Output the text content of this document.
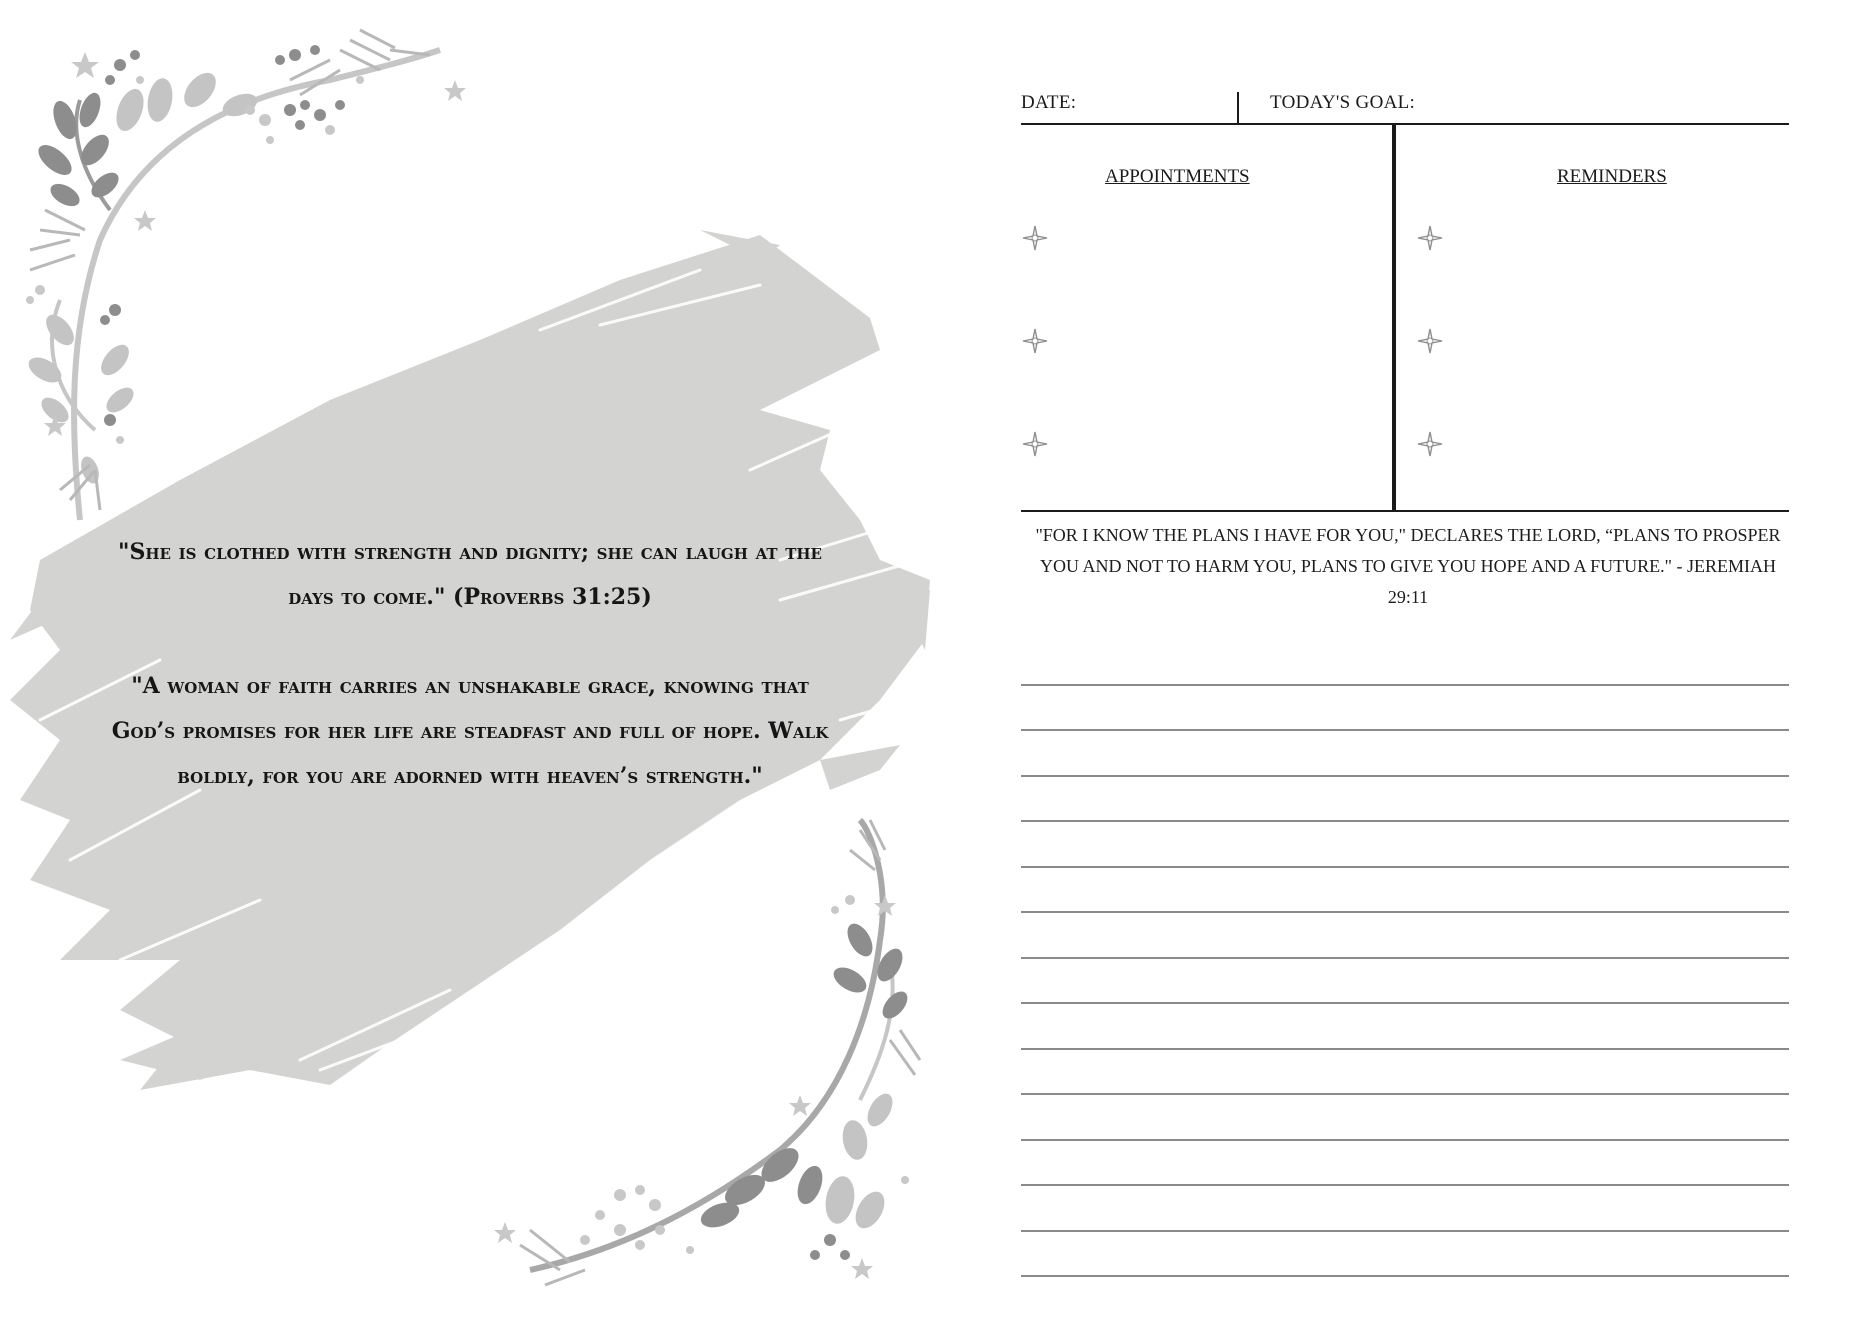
"She is clothed with strength and dignity; she can laugh at the days to come." (Proverbs 31:25)

"A woman of faith carries an unshakable grace, knowing that God’s promises for her life are steadfast and full of hope. Walk boldly, for you are adorned with heaven’s strength."

DATE:	TODAY'S GOAL:
APPOINTMENTS	REMINDERS
"FOR I KNOW THE PLANS I HAVE FOR YOU," DECLARES THE LORD, “PLANS TO PROSPER YOU AND NOT TO HARM YOU, PLANS TO GIVE YOU HOPE AND A FUTURE." - JEREMIAH 29:11
